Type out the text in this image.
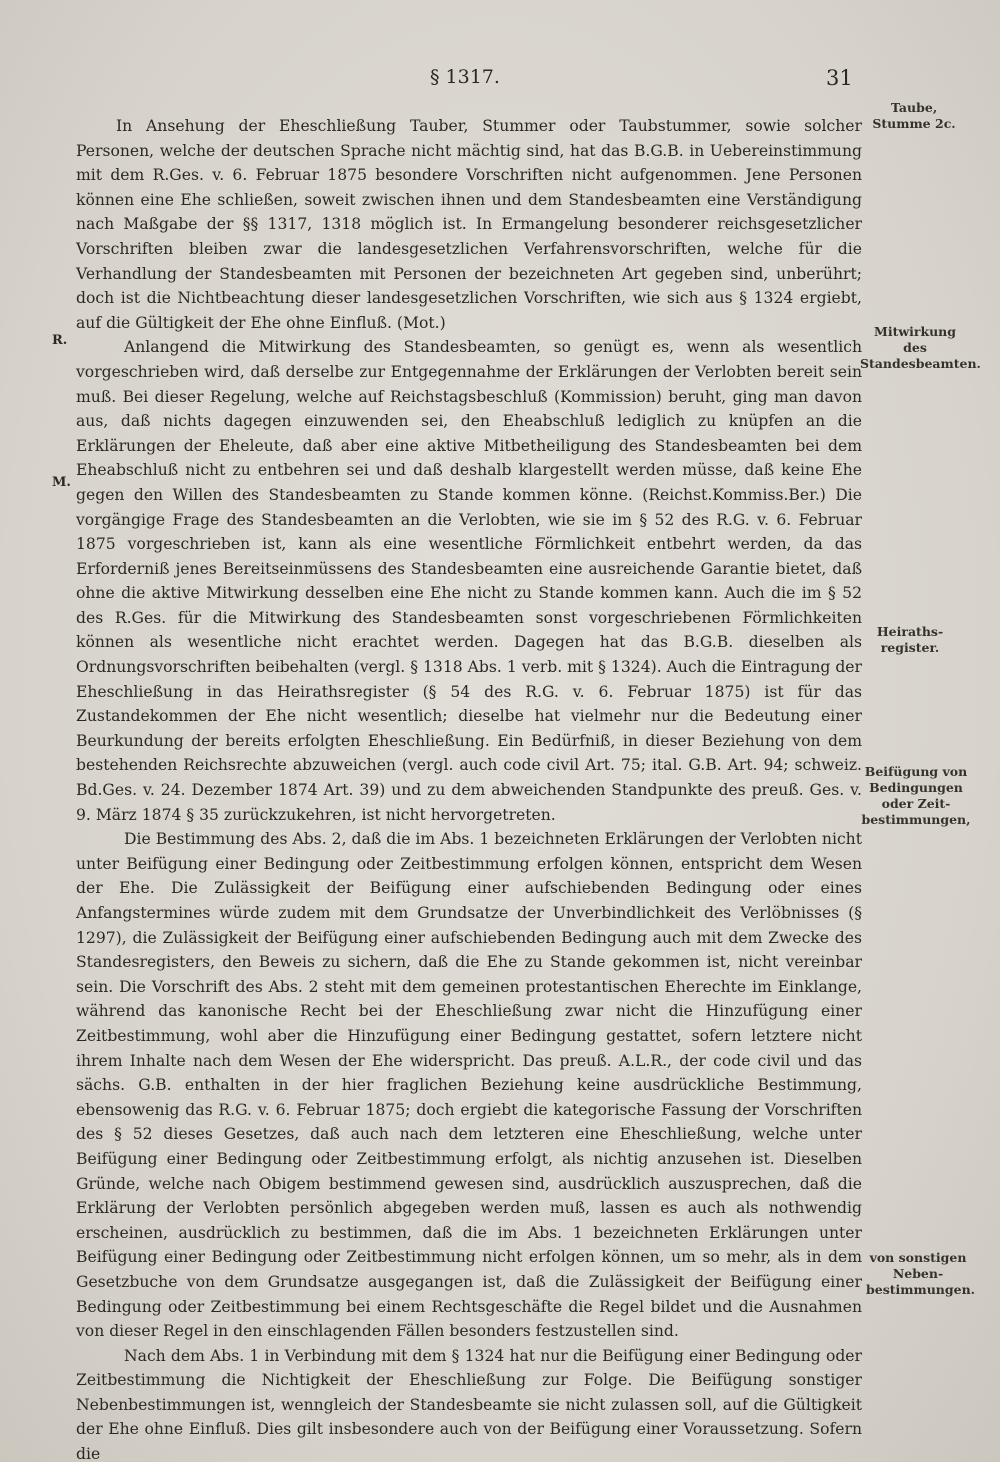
§ 1317.	31
R.
M.
Taube, Stumme 2c.
Mitwirkung des Standesbeamten.
Heiraths-register.
Beifügung von Bedingungen oder Zeit-bestimmungen,
von sonstigen Neben-bestimmungen.

In Ansehung der Eheschließung Tauber, Stummer oder Taubstummer, sowie solcher Personen, welche der deutschen Sprache nicht mächtig sind, hat das B.G.B. in Uebereinstimmung mit dem R.Ges. v. 6. Februar 1875 besondere Vorschriften nicht aufgenommen. Jene Personen können eine Ehe schließen, soweit zwischen ihnen und dem Standesbeamten eine Verständigung nach Maßgabe der §§ 1317, 1318 möglich ist. In Ermangelung besonderer reichsgesetzlicher Vorschriften bleiben zwar die landesgesetzlichen Verfahrensvorschriften, welche für die Verhandlung der Standesbeamten mit Personen der bezeichneten Art gegeben sind, unberührt; doch ist die Nichtbeachtung dieser landesgesetzlichen Vorschriften, wie sich aus § 1324 ergiebt, auf die Gültigkeit der Ehe ohne Einfluß. (Mot.)

Anlangend die Mitwirkung des Standesbeamten, so genügt es, wenn als wesentlich vorgeschrieben wird, daß derselbe zur Entgegennahme der Erklärungen der Verlobten bereit sein muß. Bei dieser Regelung, welche auf Reichstagsbeschluß (Kommission) beruht, ging man davon aus, daß nichts dagegen einzuwenden sei, den Eheabschluß lediglich zu knüpfen an die Erklärungen der Eheleute, daß aber eine aktive Mitbetheiligung des Standesbeamten bei dem Eheabschluß nicht zu entbehren sei und daß deshalb klargestellt werden müsse, daß keine Ehe gegen den Willen des Standesbeamten zu Stande kommen könne. (Reichst.Kommiss.Ber.) Die vorgängige Frage des Standesbeamten an die Verlobten, wie sie im § 52 des R.G. v. 6. Februar 1875 vorgeschrieben ist, kann als eine wesentliche Förmlichkeit entbehrt werden, da das Erforderniß jenes Bereitseinmüssens des Standesbeamten eine ausreichende Garantie bietet, daß ohne die aktive Mitwirkung desselben eine Ehe nicht zu Stande kommen kann. Auch die im § 52 des R.Ges. für die Mitwirkung des Standesbeamten sonst vorgeschriebenen Förmlichkeiten können als wesentliche nicht erachtet werden. Dagegen hat das B.G.B. dieselben als Ordnungsvorschriften beibehalten (vergl. § 1318 Abs. 1 verb. mit § 1324). Auch die Eintragung der Eheschließung in das Heirathsregister (§ 54 des R.G. v. 6. Februar 1875) ist für das Zustandekommen der Ehe nicht wesentlich; dieselbe hat vielmehr nur die Bedeutung einer Beurkundung der bereits erfolgten Eheschließung. Ein Bedürfniß, in dieser Beziehung von dem bestehenden Reichsrechte abzuweichen (vergl. auch code civil Art. 75; ital. G.B. Art. 94; schweiz. Bd.Ges. v. 24. Dezember 1874 Art. 39) und zu dem abweichenden Standpunkte des preuß. Ges. v. 9. März 1874 § 35 zurückzukehren, ist nicht hervorgetreten.

Die Bestimmung des Abs. 2, daß die im Abs. 1 bezeichneten Erklärungen der Verlobten nicht unter Beifügung einer Bedingung oder Zeitbestimmung erfolgen können, entspricht dem Wesen der Ehe. Die Zulässigkeit der Beifügung einer aufschiebenden Bedingung oder eines Anfangstermines würde zudem mit dem Grundsatze der Unverbindlichkeit des Verlöbnisses (§ 1297), die Zulässigkeit der Beifügung einer aufschiebenden Bedingung auch mit dem Zwecke des Standesregisters, den Beweis zu sichern, daß die Ehe zu Stande gekommen ist, nicht vereinbar sein. Die Vorschrift des Abs. 2 steht mit dem gemeinen protestantischen Eherechte im Einklange, während das kanonische Recht bei der Eheschließung zwar nicht die Hinzufügung einer Zeitbestimmung, wohl aber die Hinzufügung einer Bedingung gestattet, sofern letztere nicht ihrem Inhalte nach dem Wesen der Ehe widerspricht. Das preuß. A.L.R., der code civil und das sächs. G.B. enthalten in der hier fraglichen Beziehung keine ausdrückliche Bestimmung, ebensowenig das R.G. v. 6. Februar 1875; doch ergiebt die kategorische Fassung der Vorschriften des § 52 dieses Gesetzes, daß auch nach dem letzteren eine Eheschließung, welche unter Beifügung einer Bedingung oder Zeitbestimmung erfolgt, als nichtig anzusehen ist. Dieselben Gründe, welche nach Obigem bestimmend gewesen sind, ausdrücklich auszusprechen, daß die Erklärung der Verlobten persönlich abgegeben werden muß, lassen es auch als nothwendig erscheinen, ausdrücklich zu bestimmen, daß die im Abs. 1 bezeichneten Erklärungen unter Beifügung einer Bedingung oder Zeitbestimmung nicht erfolgen können, um so mehr, als in dem Gesetzbuche von dem Grundsatze ausgegangen ist, daß die Zulässigkeit der Beifügung einer Bedingung oder Zeitbestimmung bei einem Rechtsgeschäfte die Regel bildet und die Ausnahmen von dieser Regel in den einschlagenden Fällen besonders festzustellen sind.

Nach dem Abs. 1 in Verbindung mit dem § 1324 hat nur die Beifügung einer Bedingung oder Zeitbestimmung die Nichtigkeit der Eheschließung zur Folge. Die Beifügung sonstiger Nebenbestimmungen ist, wenngleich der Standesbeamte sie nicht zulassen soll, auf die Gültigkeit der Ehe ohne Einfluß. Dies gilt insbesondere auch von der Beifügung einer Voraussetzung. Sofern die
